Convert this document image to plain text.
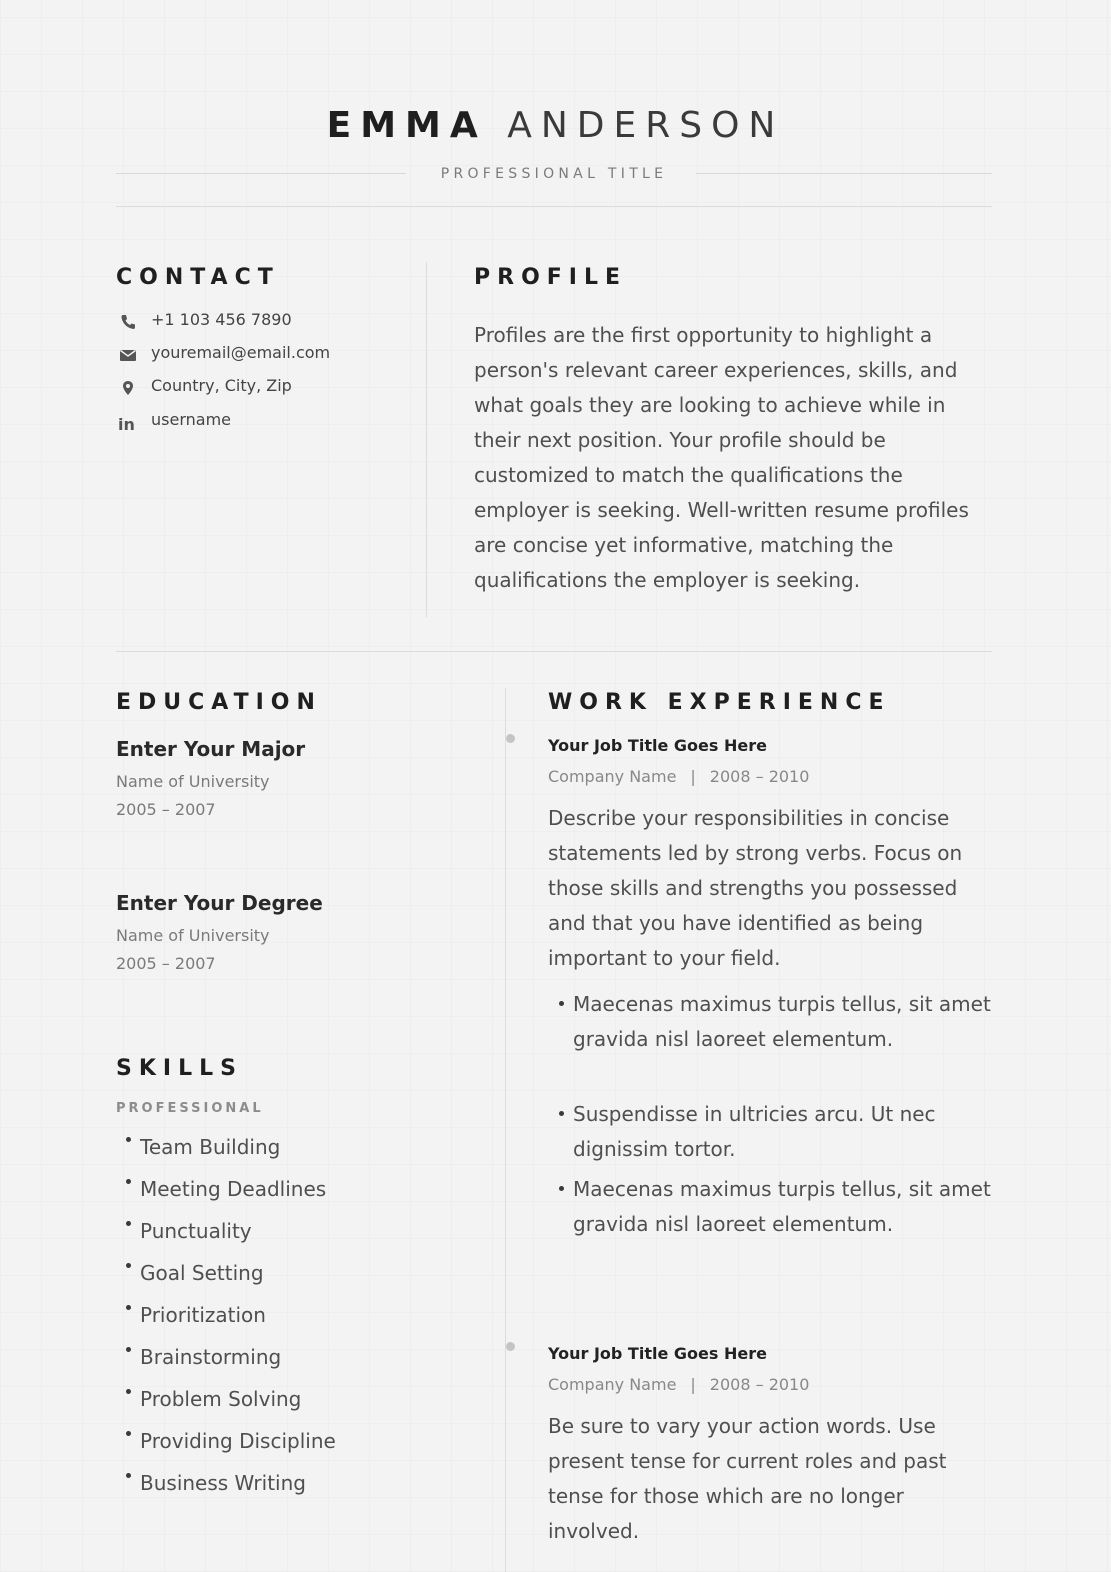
EMMA ANDERSON
PROFESSIONAL TITLE
CONTACT
+1 103 456 7890
youremail@email.com
Country, City, Zip
in username
PROFILE
Profiles are the first opportunity to highlight a person's relevant career experiences, skills, and what goals they are looking to achieve while in their next position. Your profile should be customized to match the qualifications the employer is seeking. Well-written resume profiles are concise yet informative, matching the qualifications the employer is seeking.
EDUCATION
Enter Your Major
Name of University
2005 – 2007
Enter Your Degree
Name of University
2005 – 2007
SKILLS
PROFESSIONAL
Team Building
Meeting Deadlines
Punctuality
Goal Setting
Prioritization
Brainstorming
Problem Solving
Providing Discipline
Business Writing
WORK EXPERIENCE
Your Job Title Goes Here
Company Name | 2008 – 2010
Describe your responsibilities in concise statements led by strong verbs. Focus on those skills and strengths you possessed and that you have identified as being important to your field.
Maecenas maximus turpis tellus, sit amet gravida nisl laoreet elementum.
Suspendisse in ultricies arcu. Ut nec dignissim tortor.
Maecenas maximus turpis tellus, sit amet gravida nisl laoreet elementum.
Your Job Title Goes Here
Company Name | 2008 – 2010
Be sure to vary your action words. Use present tense for current roles and past tense for those which are no longer involved.
